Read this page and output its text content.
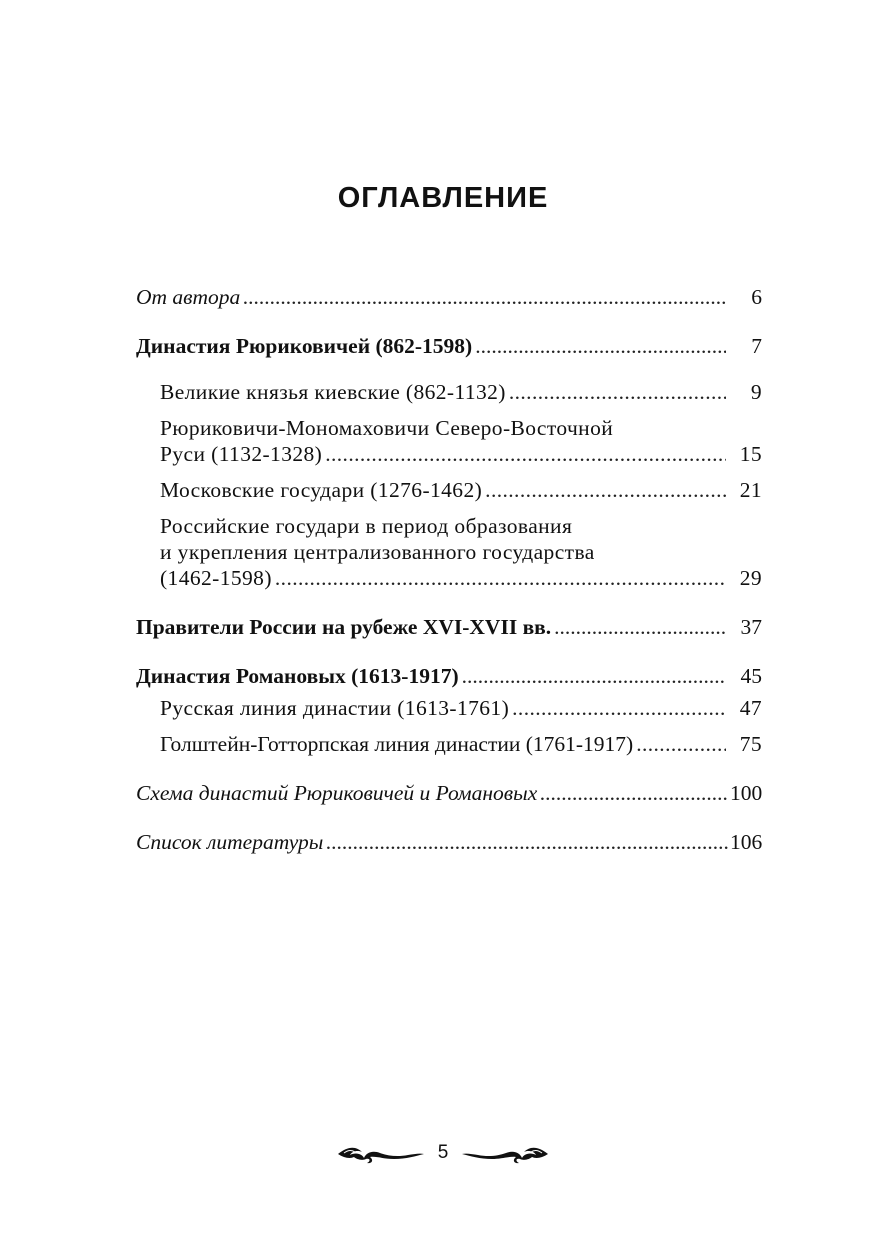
ОГЛАВЛЕНИЕ
От автора .....	6
Династия Рюриковичей (862-1598) .....	7
Великие князья киевские (862-1132) .....	9
Рюриковичи-Мономаховичи Северо-Восточной
Руси (1132-1328) .....	15
Московские государи (1276-1462) .....	21
Российские государи в период образования
и укрепления централизованного государства
(1462-1598) .....	29
Правители России на рубеже XVI-XVII вв. .....	37
Династия Романовых (1613-1917) .....	45
Русская линия династии (1613-1761) .....	47
Голштейн-Готторпская линия династии (1761-1917) .....	75
Схема династий Рюриковичей и Романовых .....	100
Список литературы .....	106
5
